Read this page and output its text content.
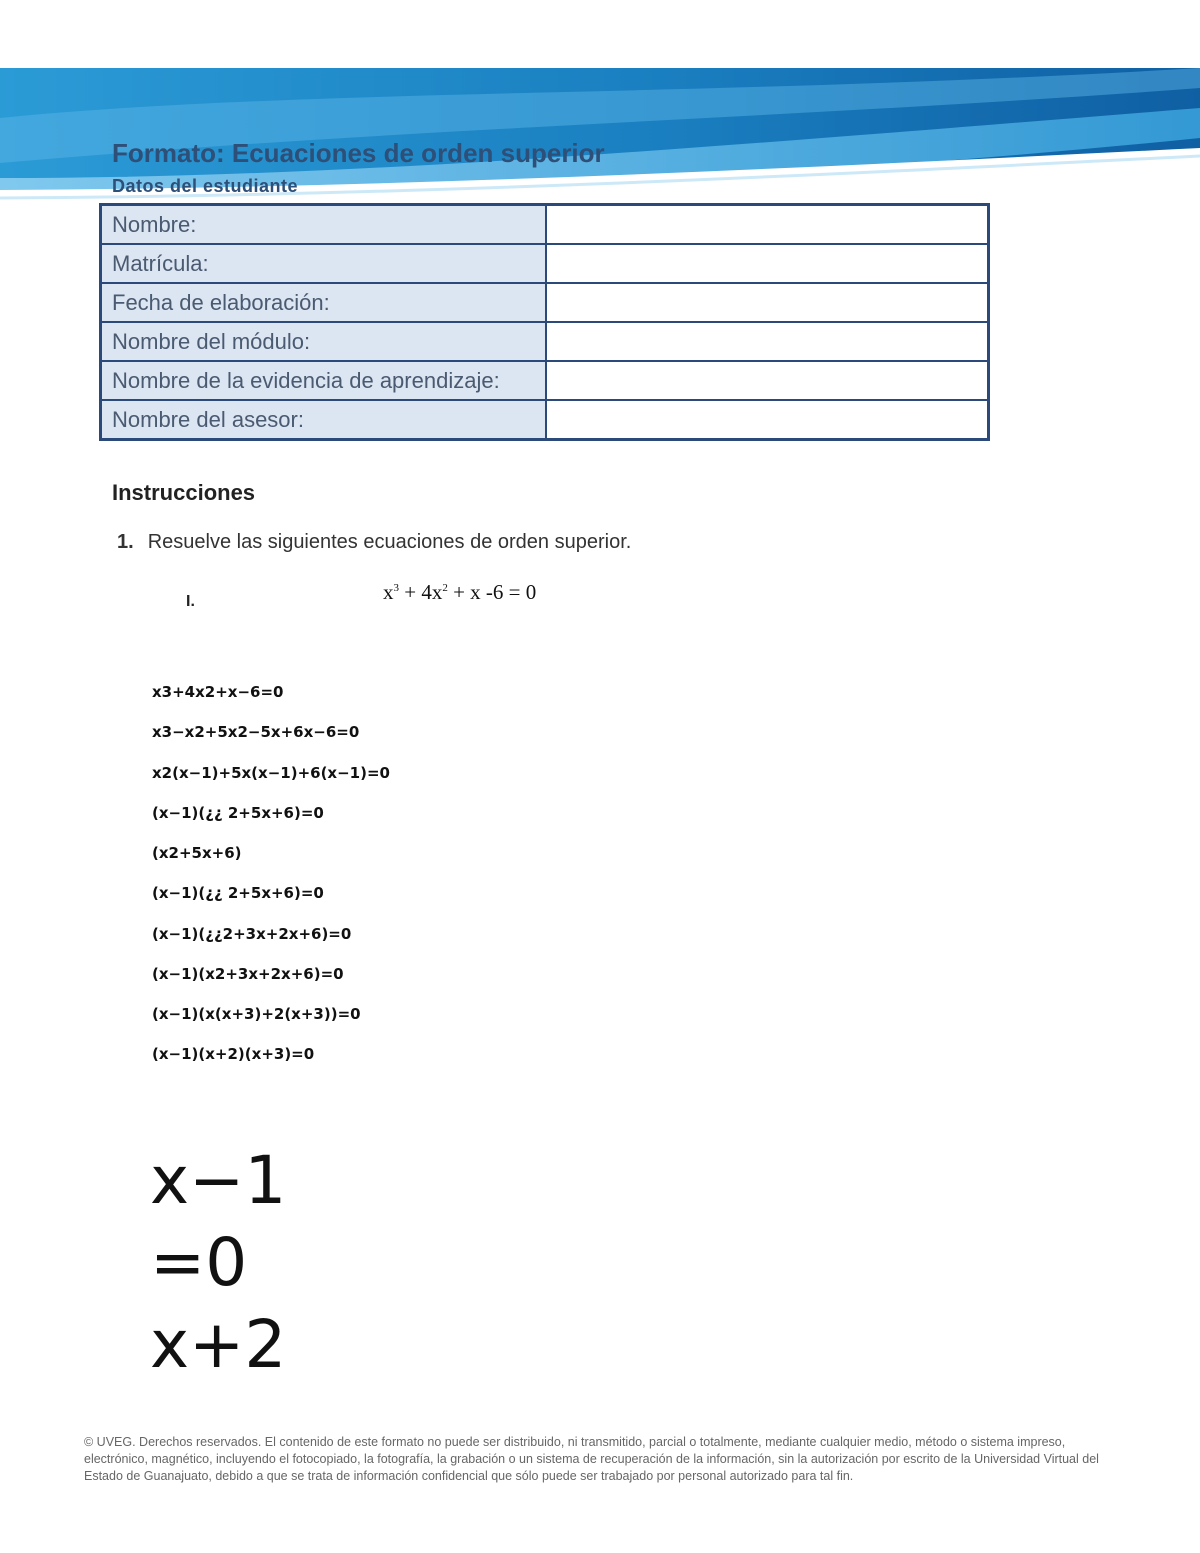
Formato: Ecuaciones de orden superior
Datos del estudiante
Nombre:	
Matrícula:	
Fecha de elaboración:	
Nombre del módulo:	
Nombre de la evidencia de aprendizaje:	
Nombre del asesor:	
Instrucciones
1. Resuelve las siguientes ecuaciones de orden superior.
I.	$x^3 + 4x^2 + x$ -6 = 0
x3+4x2+x−6=0
x3−x2+5x2−5x+6x−6=0
x2(x−1)+5x(x−1)+6(x−1)=0
(x−1)(¿¿ 2+5x+6)=0
(x2+5x+6)
(x−1)(¿¿ 2+5x+6)=0
(x−1)(¿¿2+3x+2x+6)=0
(x−1)(x2+3x+2x+6)=0
(x−1)(x(x+3)+2(x+3))=0
(x−1)(x+2)(x+3)=0
x−1
=0
x+2
© UVEG. Derechos reservados. El contenido de este formato no puede ser distribuido, ni transmitido, parcial o totalmente, mediante cualquier medio, método o sistema impreso, electrónico, magnético, incluyendo el fotocopiado, la fotografía, la grabación o un sistema de recuperación de la información, sin la autorización por escrito de la Universidad Virtual del Estado de Guanajuato, debido a que se trata de información confidencial que sólo puede ser trabajado por personal autorizado para tal fin.
